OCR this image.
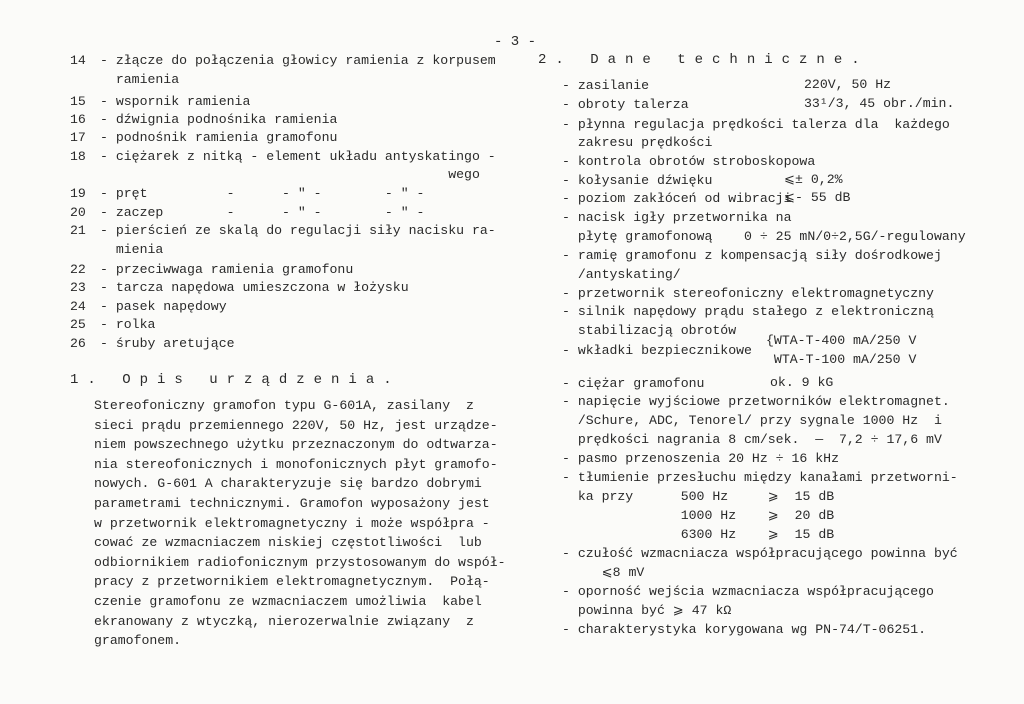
- 3 -
14 - złącze do połączenia głowicy ramienia z korpusem
ramienia
15 - wspornik ramienia
16 - dźwignia podnośnika ramienia
17 - podnośnik ramienia gramofonu
18 - ciężarek z nitką - element układu antyskatingo -
wego
19 - pręt          -      - " -        - " -
20 - zaczep        -      - " -        - " -
21 - pierścień ze skalą do regulacji siły nacisku ra-
mienia
22 - przeciwwaga ramienia gramofonu
23 - tarcza napędowa umieszczona w łożysku
24 - pasek napędowy
25 - rolka
26 - śruby aretujące
1. Opis urządzenia.
Stereofoniczny gramofon typu G-601A, zasilany  z
sieci prądu przemiennego 220V, 50 Hz, jest urządze-
niem powszechnego użytku przeznaczonym do odtwarza-
nia stereofonicznych i monofonicznych płyt gramofo-
nowych. G-601 A charakteryzuje się bardzo dobrymi
parametrami technicznymi. Gramofon wyposażony jest
w przetwornik elektromagnetyczny i może współpra -
cować ze wzmacniaczem niskiej częstotliwości  lub
odbiornikiem radiofonicznym przystosowanym do współ-
pracy z przetwornikiem elektromagnetycznym.  Połą-
czenie gramofonu ze wzmacniaczem umożliwia  kabel
ekranowany z wtyczką, nierozerwalnie związany  z
gramofonem.
2. Dane techniczne.
- zasilanie
- obroty talerza
- płynna regulacja prędkości talerza dla  każdego
zakresu prędkości
- kontrola obrotów stroboskopowa
- kołysanie dźwięku
- poziom zakłóceń od wibracji
- nacisk igły przetwornika na
płytę gramofonową    0 ÷ 25 mN/0÷2,5G/-regulowany
- ramię gramofonu z kompensacją siły dośrodkowej
/antyskating/
- przetwornik stereofoniczny elektromagnetyczny
- silnik napędowy prądu stałego z elektroniczną
stabilizacją obrotów
- wkładki bezpiecznikowe
- ciężar gramofonu
- napięcie wyjściowe przetworników elektromagnet.
/Schure, ADC, Tenorel/ przy sygnale 1000 Hz  i
prędkości nagrania 8 cm/sek.  —  7,2 ÷ 17,6 mV
- pasmo przenoszenia 20 Hz ÷ 16 kHz
- tłumienie przesłuchu między kanałami przetworni-
ka przy      500 Hz     ⩾  15 dB
1000 Hz    ⩾  20 dB
6300 Hz    ⩾  15 dB
- czułość wzmacniacza współpracującego powinna być
⩽8 mV
- oporność wejścia wzmacniacza współpracującego
powinna być ⩾ 47 kΩ
- charakterystyka korygowana wg PN-74/T-06251.
220V, 50 Hz
33¹/3, 45 obr./min.
⩽± 0,2%
⩽- 55 dB
{WTA-T-400 mA/250 V
WTA-T-100 mA/250 V
ok. 9 kG
